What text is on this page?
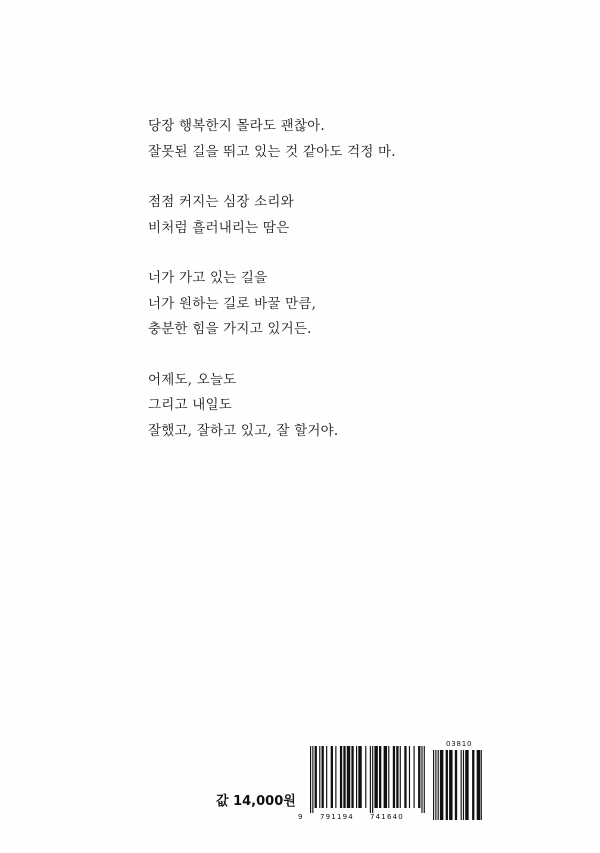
당장 행복한지 몰라도 괜찮아.
잘못된 길을 뛰고 있는 것 같아도 걱정 마.
점점 커지는 심장 소리와
비처럼 흘러내리는 땀은
너가 가고 있는 길을
너가 원하는 길로 바꿀 만큼,
충분한 힘을 가지고 있거든.
어제도, 오늘도
그리고 내일도
잘했고, 잘하고 있고, 잘 할거야.
값 14,000원
9	791194 741640
03810
